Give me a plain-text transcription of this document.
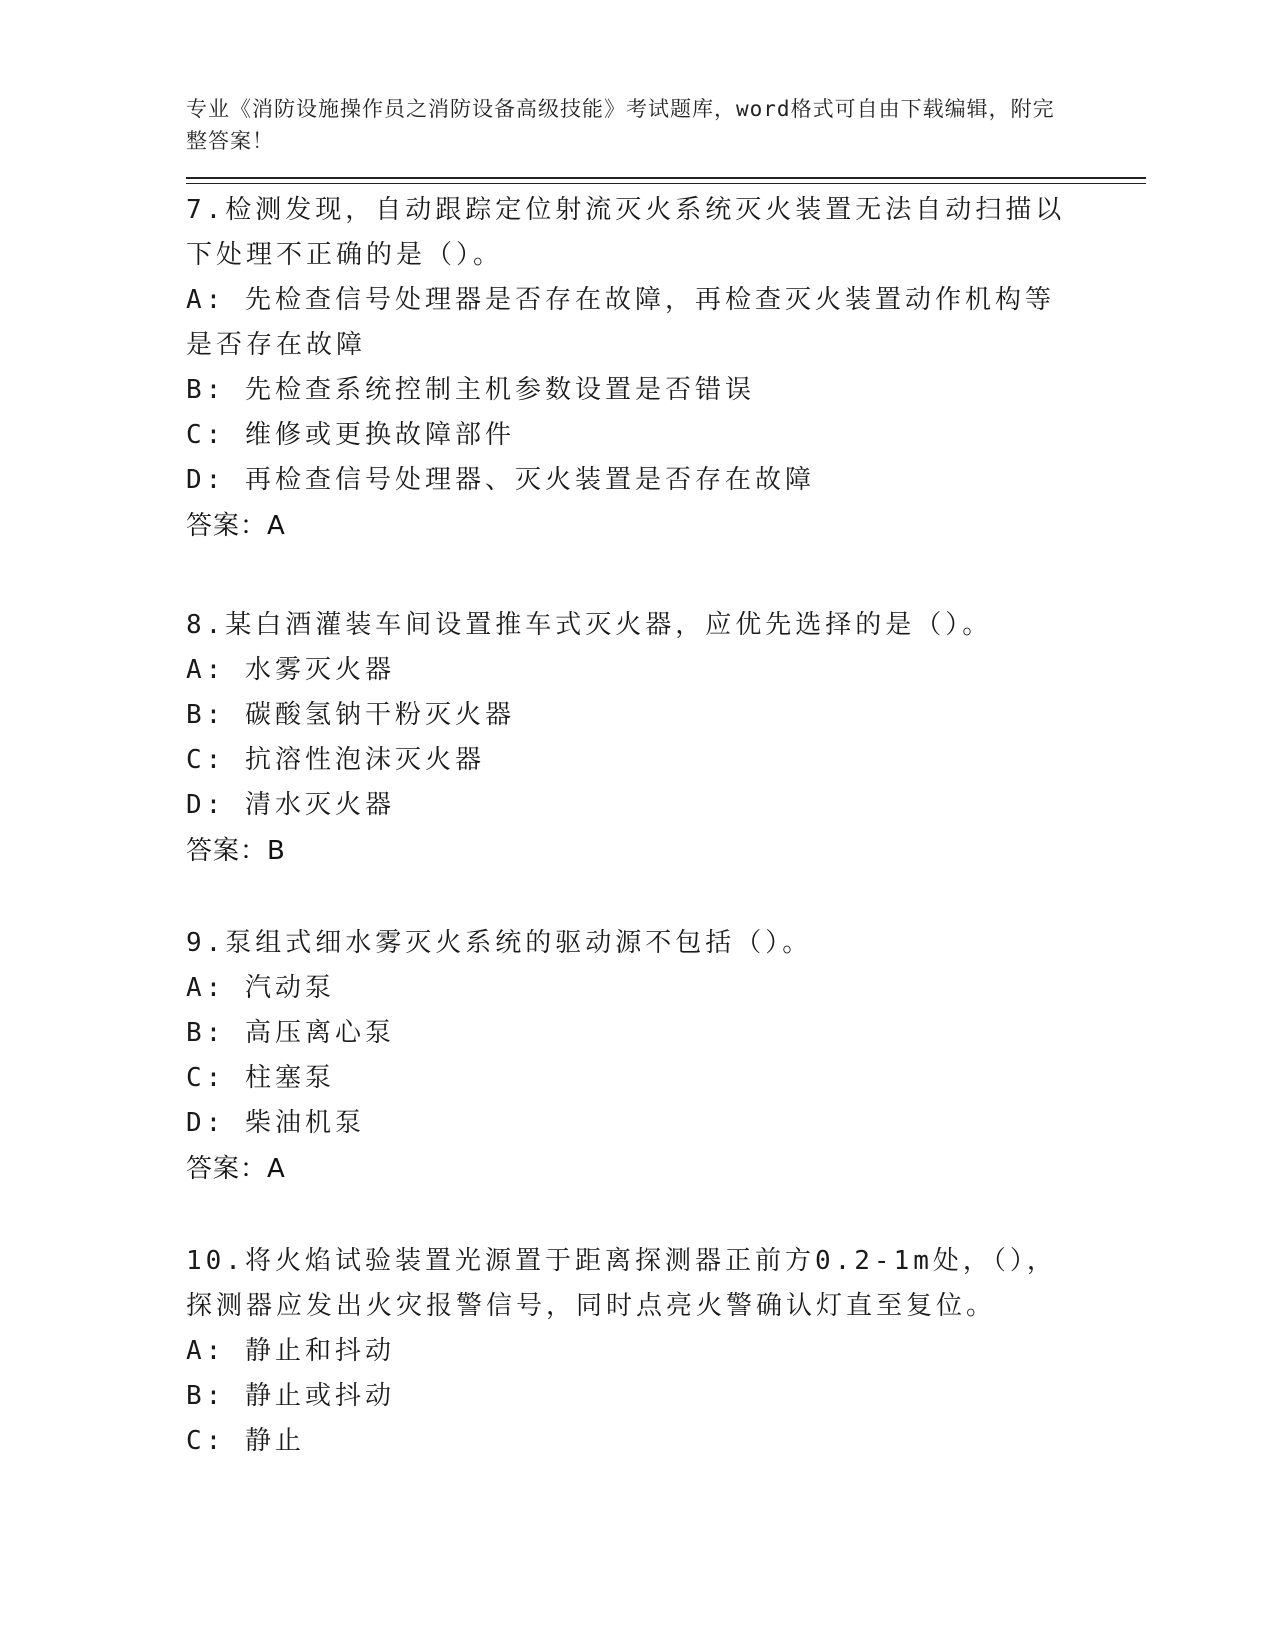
专业《消防设施操作员之消防设备高级技能》考试题库，word格式可自由下载编辑，附完整答案！

7.检测发现，自动跟踪定位射流灭火系统灭火装置无法自动扫描以下处理不正确的是（）。

A: 先检查信号处理器是否存在故障，再检查灭火装置动作机构等是否存在故障

B: 先检查系统控制主机参数设置是否错误

C: 维修或更换故障部件

D: 再检查信号处理器、灭火装置是否存在故障

答案：A

8.某白酒灌装车间设置推车式灭火器，应优先选择的是（）。

A: 水雾灭火器

B: 碳酸氢钠干粉灭火器

C: 抗溶性泡沫灭火器

D: 清水灭火器

答案：B

9.泵组式细水雾灭火系统的驱动源不包括（）。

A: 汽动泵

B: 高压离心泵

C: 柱塞泵

D: 柴油机泵

答案：A

10.将火焰试验装置光源置于距离探测器正前方0.2-1m处，（），探测器应发出火灾报警信号，同时点亮火警确认灯直至复位。

A: 静止和抖动

B: 静止或抖动

C: 静止
